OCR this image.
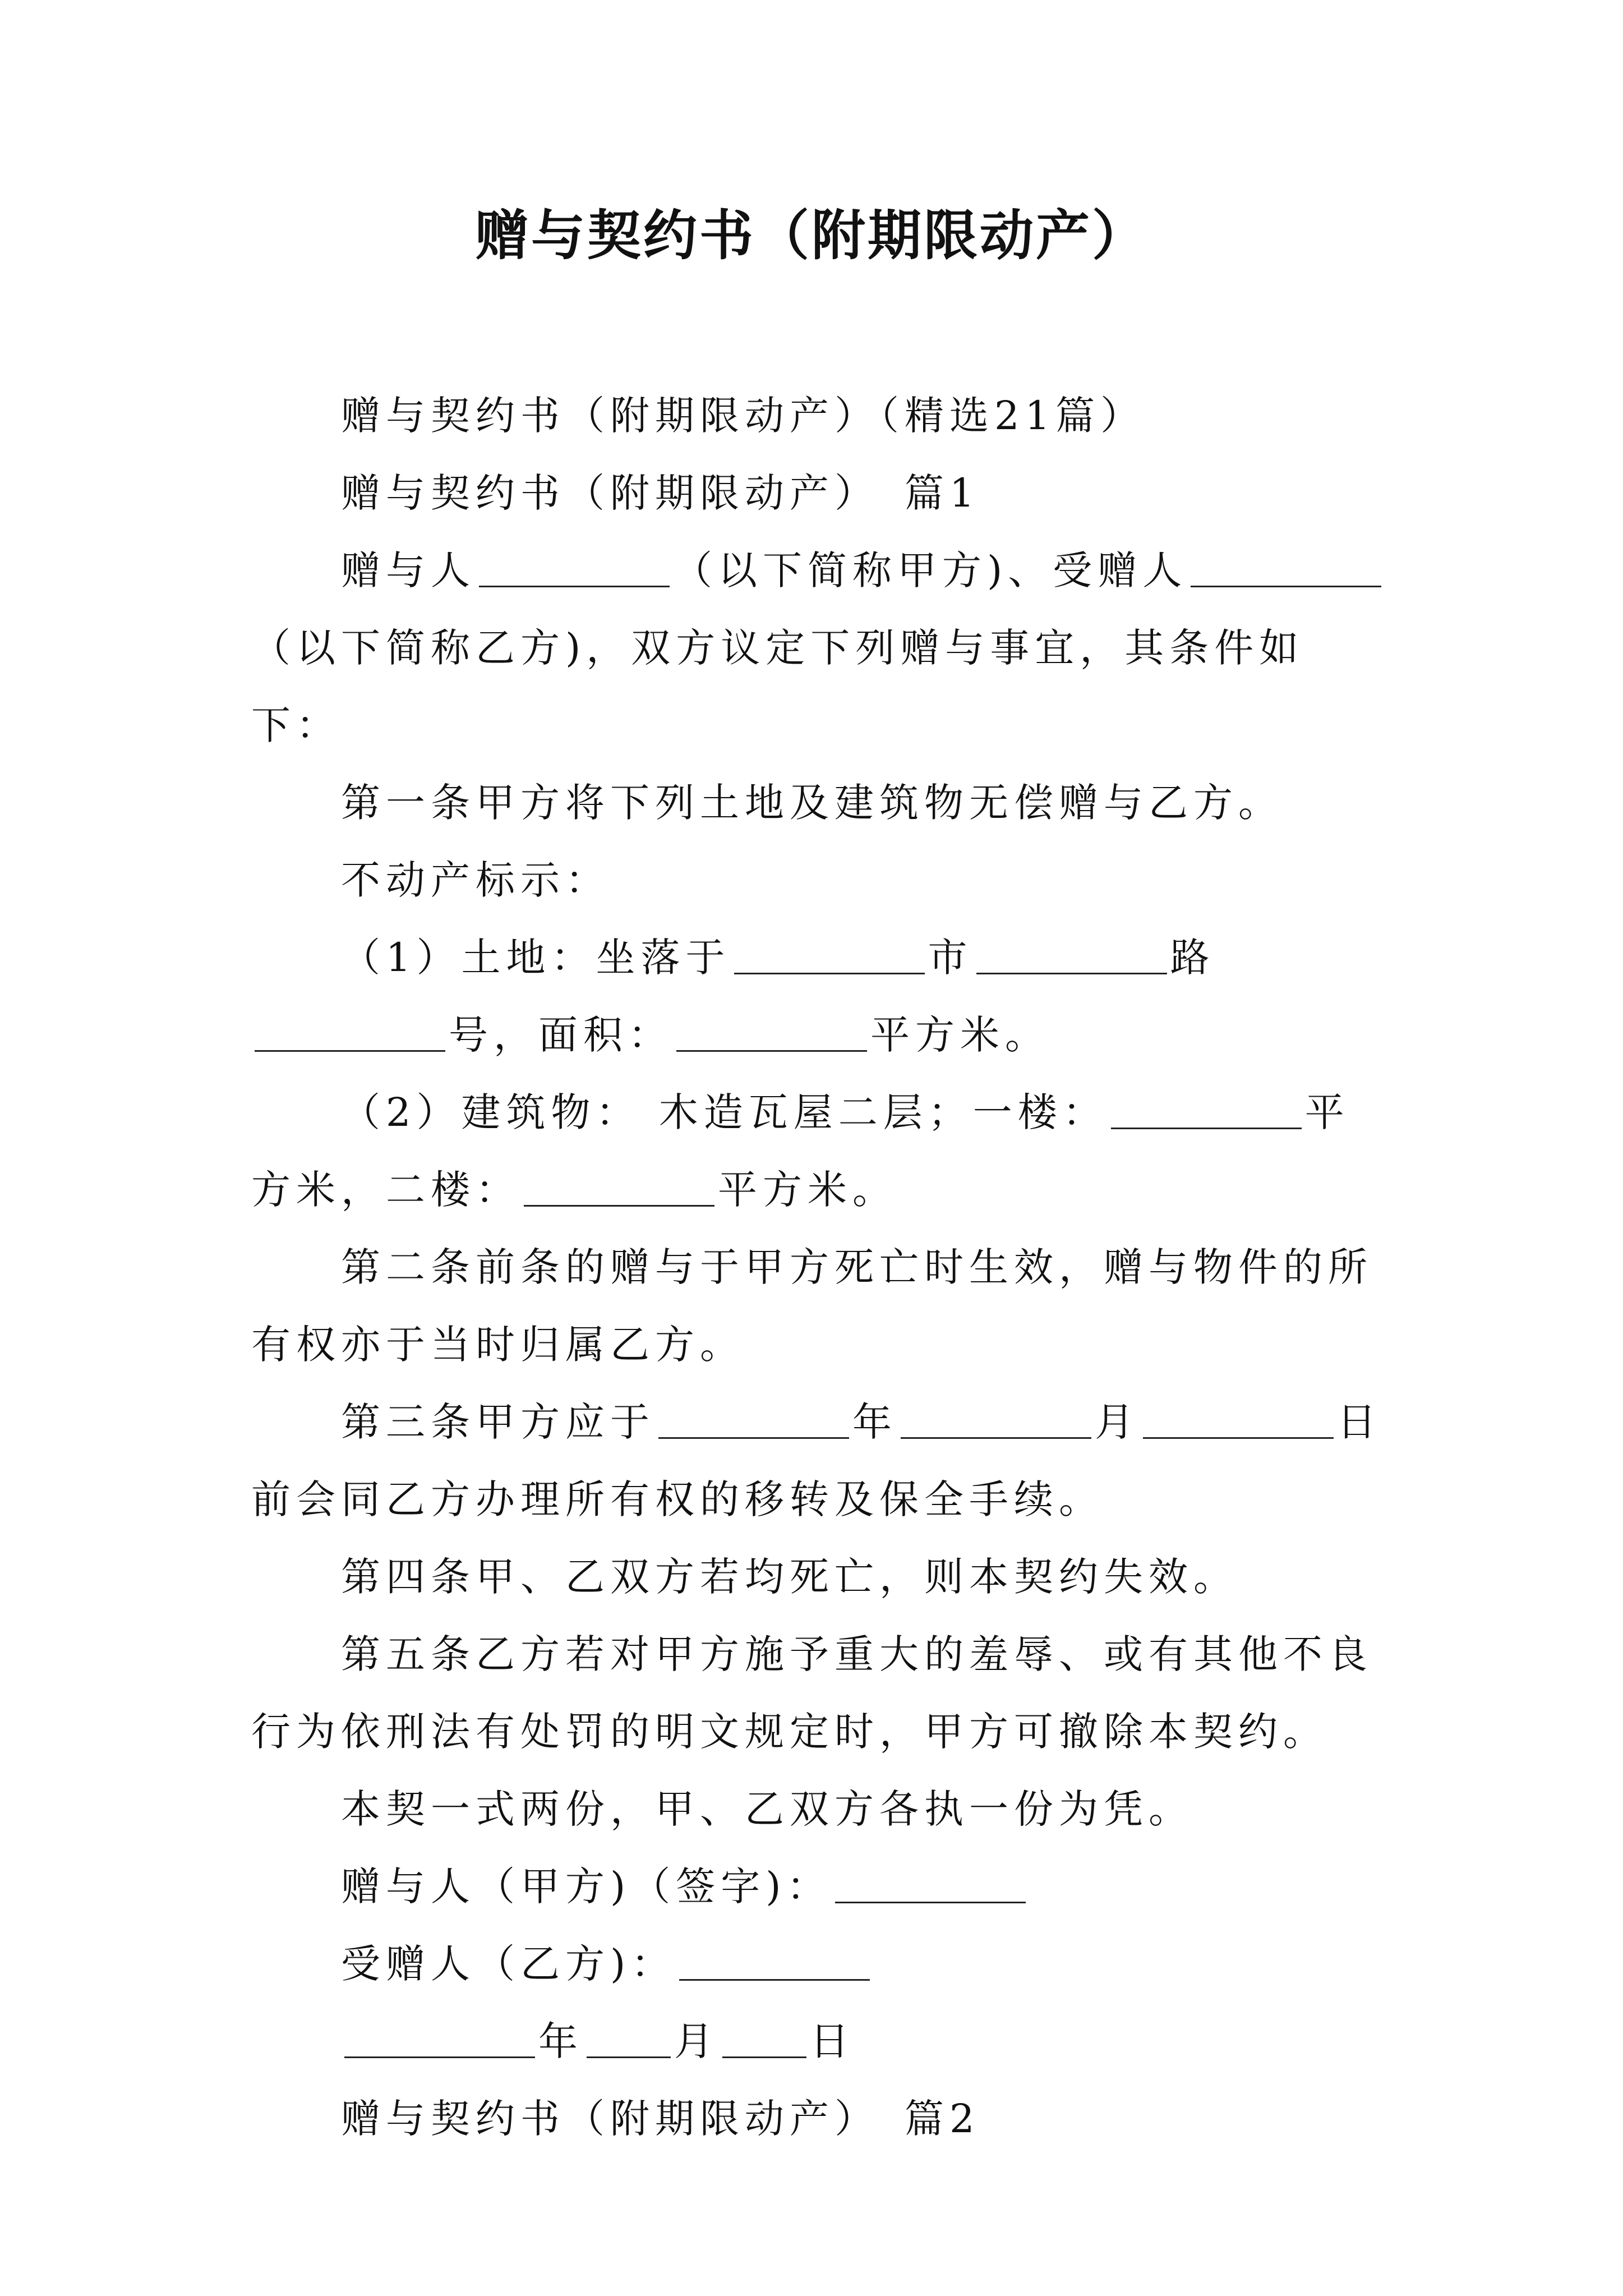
赠与契约书（附期限动产）

赠与契约书（附期限动产）（精选21篇）

赠与契约书（附期限动产）　篇1

赠与人	（以下简称甲方)、受赠人（以下简称乙方)，双方议定下列赠与事宜，其条件如下：

第一条甲方将下列土地及建筑物无偿赠与乙方。

不动产标示：

（1）土地：坐落于	市	路号，面积：	平方米。

（2）建筑物： 木造瓦屋二层；一楼：	平方米，二楼：	平方米。

第二条前条的赠与于甲方死亡时生效，赠与物件的所有权亦于当时归属乙方。

第三条甲方应于	年	月	日前会同乙方办理所有权的移转及保全手续。

第四条甲、乙双方若均死亡，则本契约失效。

第五条乙方若对甲方施予重大的羞辱、或有其他不良行为依刑法有处罚的明文规定时，甲方可撤除本契约。

本契一式两份，甲、乙双方各执一份为凭。

赠与人（甲方)（签字)：

受赠人（乙方)：

年 月 日

赠与契约书（附期限动产）　篇2
